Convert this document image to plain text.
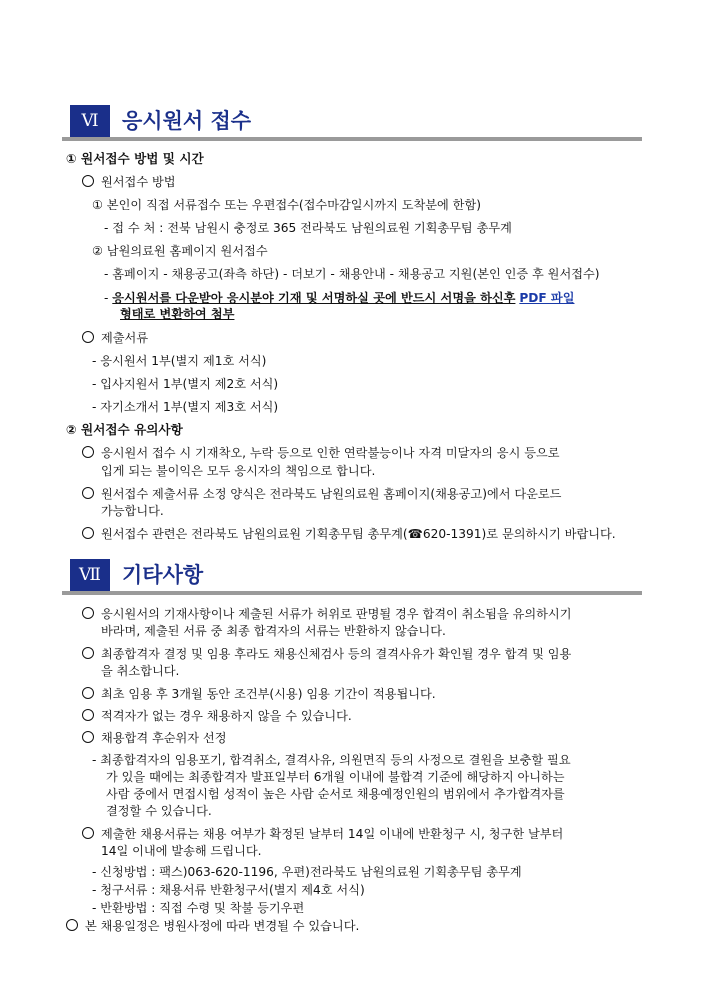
Ⅵ	응시원서 접수
① 원서접수 방법 및 시간
원서접수 방법
① 본인이 직접 서류접수 또는 우편접수(접수마감일시까지 도착분에 한함)
- 접 수 처 : 전북 남원시 충정로 365 전라북도 남원의료원 기획총무팀 총무계
② 남원의료원 홈페이지 원서접수
- 홈페이지 - 채용공고(좌측 하단) - 더보기 - 채용안내 - 채용공고 지원(본인 인증 후 원서접수)
- 응시원서를 다운받아 응시분야 기재 및 서명하실 곳에 반드시 서명을 하신후 PDF 파일
형태로 변환하여 첨부
제출서류
- 응시원서 1부(별지 제1호 서식)
- 입사지원서 1부(별지 제2호 서식)
- 자기소개서 1부(별지 제3호 서식)
② 원서접수 유의사항
응시원서 접수 시 기재착오, 누락 등으로 인한 연락불능이나 자격 미달자의 응시 등으로
입게 되는 불이익은 모두 응시자의 책임으로 합니다.
원서접수 제출서류 소정 양식은 전라북도 남원의료원 홈페이지(채용공고)에서 다운로드
가능합니다.
원서접수 관련은 전라북도 남원의료원 기획총무팀 총무계(☎620-1391)로 문의하시기 바랍니다.
Ⅶ	기타사항
응시원서의 기재사항이나 제출된 서류가 허위로 판명될 경우 합격이 취소됨을 유의하시기
바라며, 제출된 서류 중 최종 합격자의 서류는 반환하지 않습니다.
최종합격자 결정 및 임용 후라도 채용신체검사 등의 결격사유가 확인될 경우 합격 및 임용
을 취소합니다.
최초 임용 후 3개월 동안 조건부(시용) 임용 기간이 적용됩니다.
적격자가 없는 경우 채용하지 않을 수 있습니다.
채용합격 후순위자 선정
- 최종합격자의 임용포기, 합격취소, 결격사유, 의원면직 등의 사정으로 결원을 보충할 필요
가 있을 때에는 최종합격자 발표일부터 6개월 이내에 불합격 기준에 해당하지 아니하는
사람 중에서 면접시험 성적이 높은 사람 순서로 채용예정인원의 범위에서 추가합격자를
결정할 수 있습니다.
제출한 채용서류는 채용 여부가 확정된 날부터 14일 이내에 반환청구 시, 청구한 날부터
14일 이내에 발송해 드립니다.
- 신청방법 : 팩스)063-620-1196, 우편)전라북도 남원의료원 기획총무팀 총무계
- 청구서류 : 채용서류 반환청구서(별지 제4호 서식)
- 반환방법 : 직접 수령 및 착불 등기우편
본 채용일정은 병원사정에 따라 변경될 수 있습니다.
